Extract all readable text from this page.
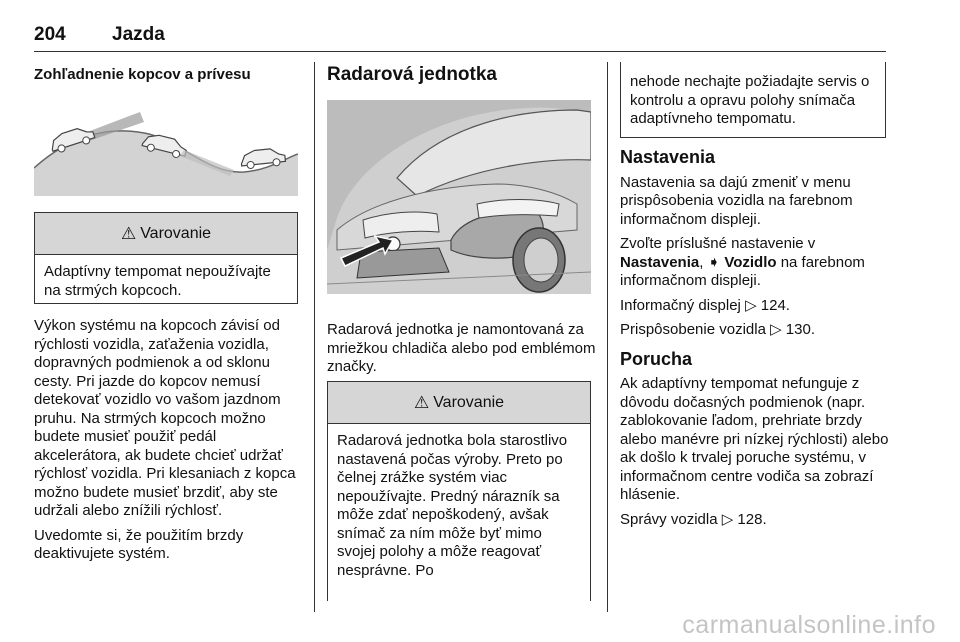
204 Jazda
Zohľadnenie kopcov a prívesu
⚠ Varovanie
Adaptívny tempomat nepoužívajte na strmých kopcoch.

Výkon systému na kopcoch závisí od rýchlosti vozidla, zaťaženia vozidla, dopravných podmienok a od sklonu cesty. Pri jazde do kopcov nemusí detekovať vozidlo vo vašom jazdnom pruhu. Na strmých kopcoch možno budete musieť použiť pedál akcelerátora, ak budete chcieť udržať rýchlosť vozidla. Pri klesaniach z kopca možno budete musieť brzdiť, aby ste udržali alebo znížili rýchlosť.

Uvedomte si, že použitím brzdy deaktivujete systém.

Radarová jednotka
Radarová jednotka je namontovaná za mriežkou chladiča alebo pod emblémom značky.
⚠ Varovanie
Radarová jednotka bola starostlivo nastavená počas výroby. Preto po čelnej zrážke systém viac nepoužívajte. Predný nárazník sa môže zdať nepoškodený, avšak snímač za ním môže byť mimo svojej polohy a môže reagovať nesprávne. Po
nehode nechajte požiadajte servis o kontrolu a opravu polohy snímača adaptívneho tempomatu.
Nastavenia

Nastavenia sa dajú zmeniť v menu prispôsobenia vozidla na farebnom informačnom displeji.

Zvoľte príslušné nastavenie v
Nastavenia, ➧ Vozidlo na farebnom informačnom displeji.

Informačný displej ▷ 124.

Prispôsobenie vozidla ▷ 130.

Porucha

Ak adaptívny tempomat nefunguje z dôvodu dočasných podmienok (napr. zablokovanie ľadom, prehriate brzdy alebo manévre pri nízkej rýchlosti) alebo ak došlo k trvalej poruche systému, v informačnom centre vodiča sa zobrazí hlásenie.

Správy vozidla ▷ 128.

carmanualsonline.info
